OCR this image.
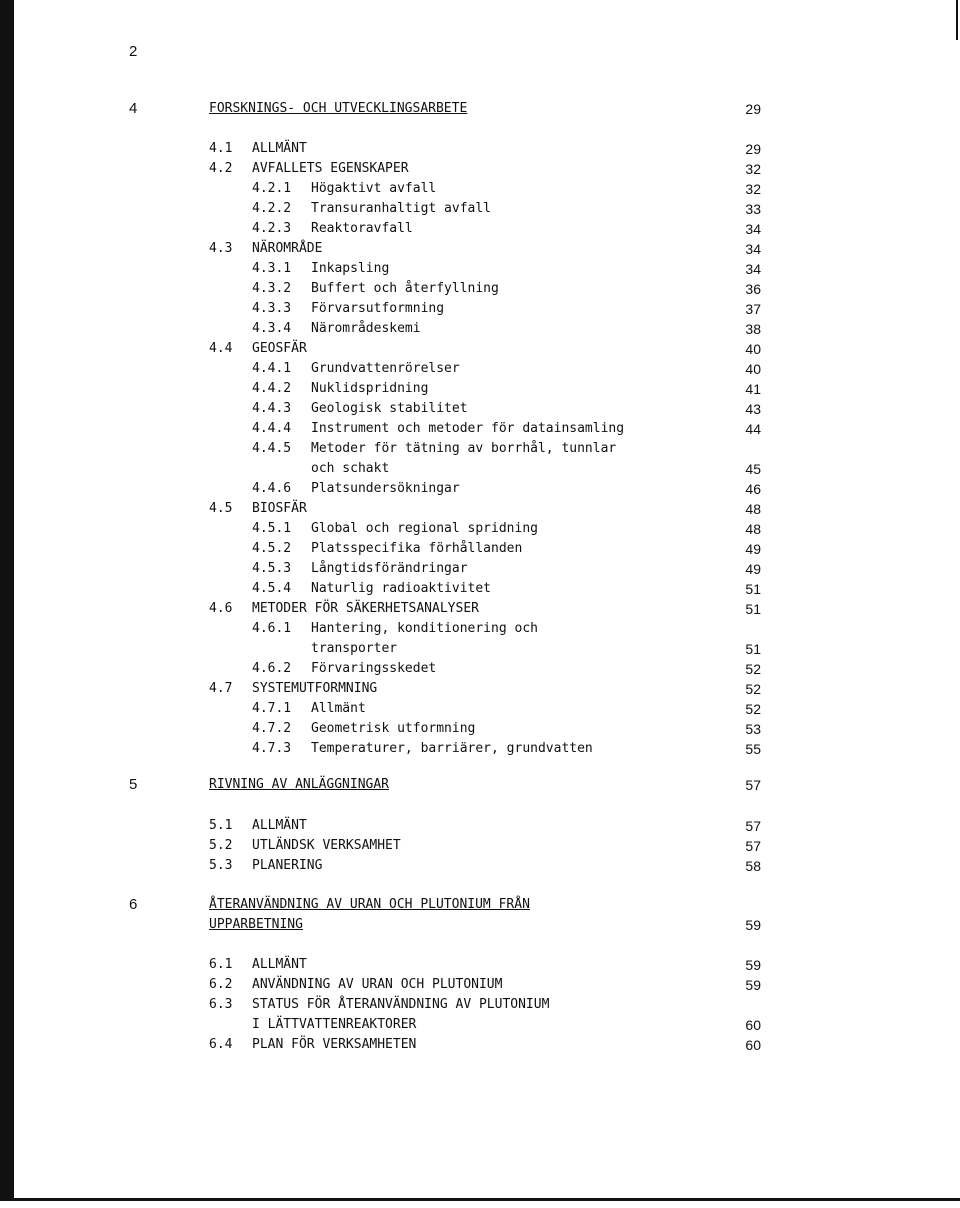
2
4	FORSKNINGS- OCH UTVECKLINGSARBETE	29
4.1 ALLMÄNT	29
4.2 AVFALLETS EGENSKAPER	32
4.2.1 Högaktivt avfall	32
4.2.2 Transuranhaltigt avfall	33
4.2.3 Reaktoravfall	34
4.3 NÄROMRÅDE	34
4.3.1 Inkapsling	34
4.3.2 Buffert och återfyllning	36
4.3.3 Förvarsutformning	37
4.3.4 Närområdeskemi	38
4.4 GEOSFÄR	40
4.4.1 Grundvattenrörelser	40
4.4.2 Nuklidspridning	41
4.4.3 Geologisk stabilitet	43
4.4.4 Instrument och metoder för datainsamling	44
4.4.5 Metoder för tätning av borrhål, tunnlar
och schakt	45
4.4.6 Platsundersökningar	46
4.5 BIOSFÄR	48
4.5.1 Global och regional spridning	48
4.5.2 Platsspecifika förhållanden	49
4.5.3 Långtidsförändringar	49
4.5.4 Naturlig radioaktivitet	51
4.6 METODER FÖR SÄKERHETSANALYSER	51
4.6.1 Hantering, konditionering och
transporter	51
4.6.2 Förvaringsskedet	52
4.7 SYSTEMUTFORMNING	52
4.7.1 Allmänt	52
4.7.2 Geometrisk utformning	53
4.7.3 Temperaturer, barriärer, grundvatten	55
5	RIVNING AV ANLÄGGNINGAR	57
5.1 ALLMÄNT	57
5.2 UTLÄNDSK VERKSAMHET	57
5.3 PLANERING	58
6	ÅTERANVÄNDNING AV URAN OCH PLUTONIUM FRÅN
UPPARBETNING	59
6.1 ALLMÄNT	59
6.2 ANVÄNDNING AV URAN OCH PLUTONIUM	59
6.3 STATUS FÖR ÅTERANVÄNDNING AV PLUTONIUM
I LÄTTVATTENREAKTORER	60
6.4 PLAN FÖR VERKSAMHETEN	60
